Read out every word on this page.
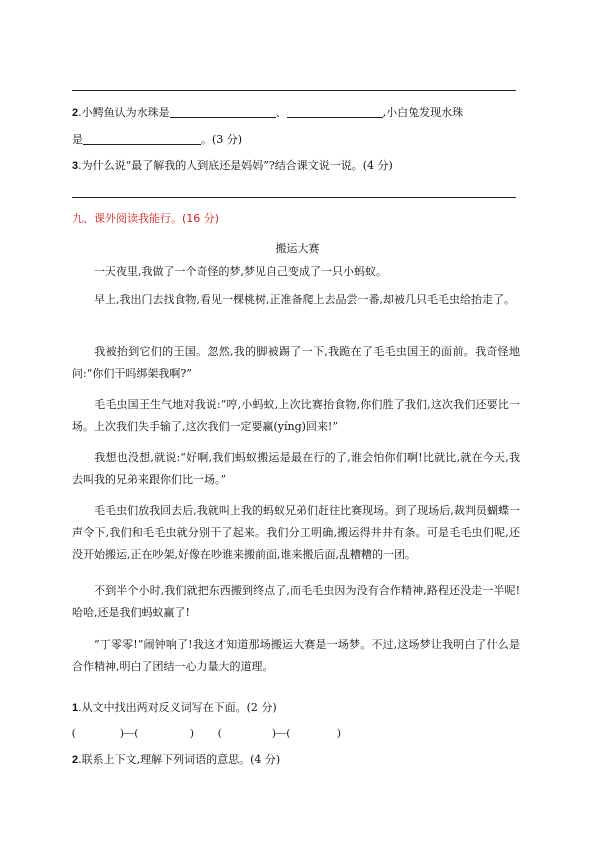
2.小鳄鱼认为水珠是	、	,小白兔发现水珠
是	。(3 分)
3.为什么说“最了解我的人到底还是妈妈”?结合课文说一说。(4 分)
九、课外阅读我能行。(16 分)
搬运大赛
一天夜里,我做了一个奇怪的梦,梦见自己变成了一只小蚂蚁。
早上,我出门去找食物,看见一棵桃树,正准备爬上去品尝一番,却被几只毛毛虫给抬走了。
我被抬到它们的王国。忽然,我的脚被踢了一下,我跪在了毛毛虫国王的面前。我奇怪地问:“你们干吗绑架我啊?”
毛毛虫国王生气地对我说:“哼,小蚂蚁,上次比赛抬食物,你们胜了我们,这次我们还要比一场。上次我们失手输了,这次我们一定要赢(yíng)回来!”
我想也没想,就说:“好啊,我们蚂蚁搬运是最在行的了,谁会怕你们啊!比就比,就在今天,我去叫我的兄弟来跟你们比一场。”
毛毛虫们放我回去后,我就叫上我的蚂蚁兄弟们赶往比赛现场。到了现场后,裁判员蝴蝶一声令下,我们和毛毛虫就分别干了起来。我们分工明确,搬运得井井有条。可是毛毛虫们呢,还没开始搬运,正在吵架,好像在吵谁来搬前面,谁来搬后面,乱糟糟的一团。
不到半个小时,我们就把东西搬到终点了,而毛毛虫因为没有合作精神,路程还没走一半呢!哈哈,还是我们蚂蚁赢了!
“丁零零!”闹钟响了!我这才知道那场搬运大赛是一场梦。不过,这场梦让我明白了什么是合作精神,明白了团结一心力量大的道理。
1.从文中找出两对反义词写在下面。(2 分)
(	)—(	) (	)—(	)
2.联系上下文,理解下列词语的意思。(4 分)
